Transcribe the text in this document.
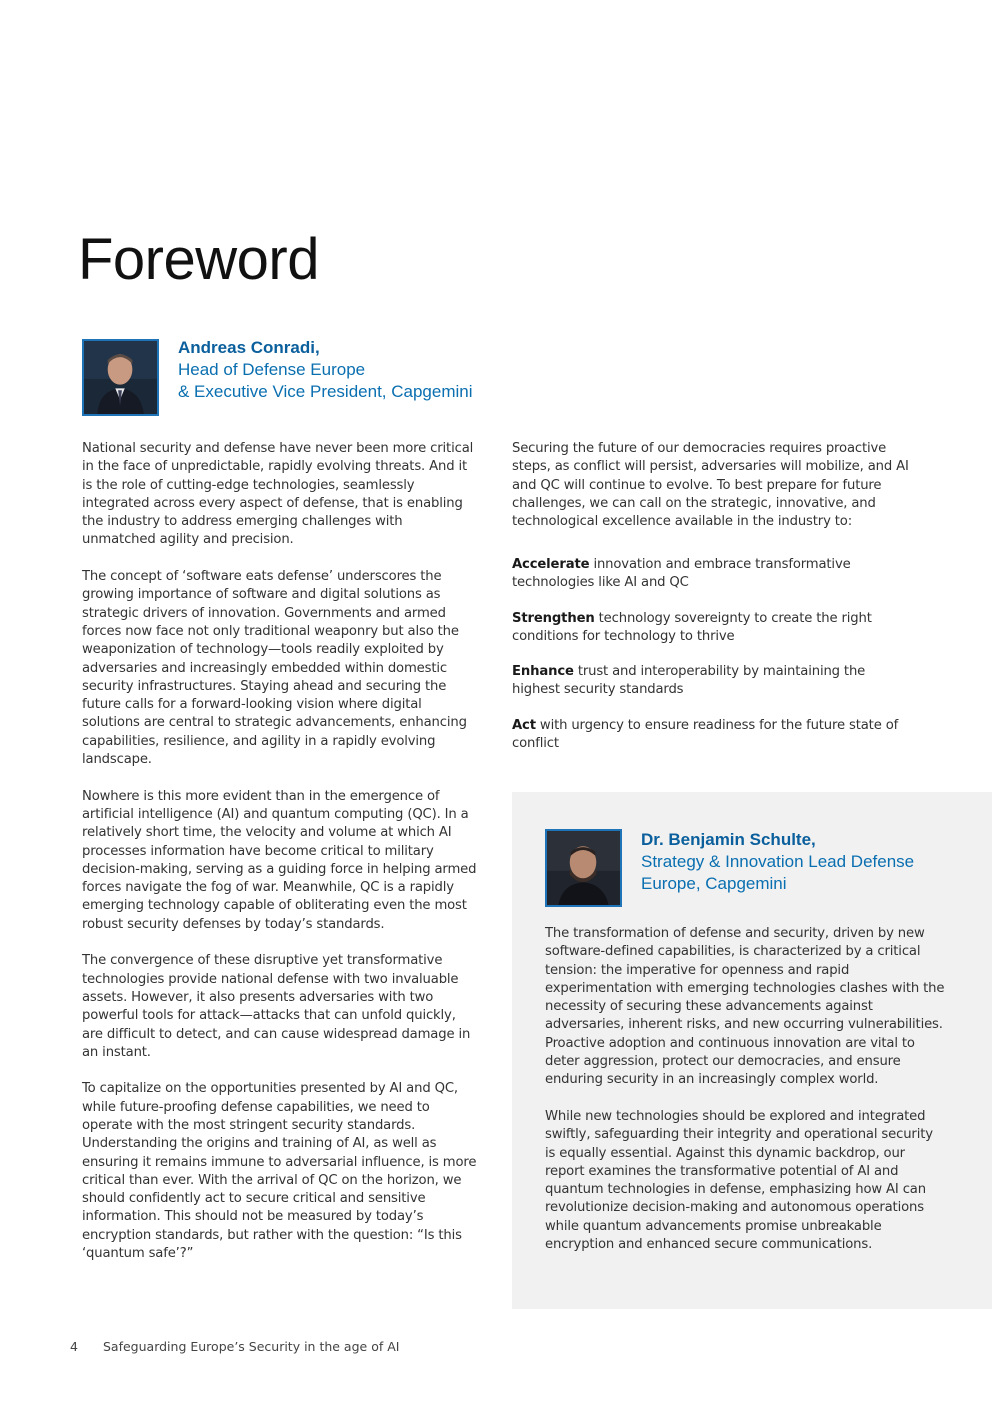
Foreword
Andreas Conradi,
Head of Defense Europe
& Executive Vice President, Capgemini

National security and defense have never been more critical in the face of unpredictable, rapidly evolving threats. And it is the role of cutting-edge technologies, seamlessly integrated across every aspect of defense, that is enabling the industry to address emerging challenges with unmatched agility and precision.

The concept of ‘software eats defense’ underscores the growing importance of software and digital solutions as strategic drivers of innovation. Governments and armed forces now face not only traditional weaponry but also the weaponization of technology—tools readily exploited by adversaries and increasingly embedded within domestic security infrastructures. Staying ahead and securing the future calls for a forward-looking vision where digital solutions are central to strategic advancements, enhancing capabilities, resilience, and agility in a rapidly evolving landscape.

Nowhere is this more evident than in the emergence of artificial intelligence (AI) and quantum computing (QC). In a relatively short time, the velocity and volume at which AI processes information have become critical to military decision-making, serving as a guiding force in helping armed forces navigate the fog of war. Meanwhile, QC is a rapidly emerging technology capable of obliterating even the most robust security defenses by today’s standards.

The convergence of these disruptive yet transformative technologies provide national defense with two invaluable assets. However, it also presents adversaries with two powerful tools for attack—attacks that can unfold quickly, are difficult to detect, and can cause widespread damage in an instant.

To capitalize on the opportunities presented by AI and QC, while future-proofing defense capabilities, we need to operate with the most stringent security standards. Understanding the origins and training of AI, as well as ensuring it remains immune to adversarial influence, is more critical than ever. With the arrival of QC on the horizon, we should confidently act to secure critical and sensitive information. This should not be measured by today’s encryption standards, but rather with the question: “Is this ‘quantum safe’?”

Securing the future of our democracies requires proactive steps, as conflict will persist, adversaries will mobilize, and AI and QC will continue to evolve. To best prepare for future challenges, we can call on the strategic, innovative, and technological excellence available in the industry to:

Accelerate innovation and embrace transformative technologies like AI and QC

Strengthen technology sovereignty to create the right conditions for technology to thrive

Enhance trust and interoperability by maintaining the highest security standards

Act with urgency to ensure readiness for the future state of conflict

Dr. Benjamin Schulte,
Strategy & Innovation Lead Defense
Europe, Capgemini

The transformation of defense and security, driven by new software-defined capabilities, is characterized by a critical tension: the imperative for openness and rapid experimentation with emerging technologies clashes with the necessity of securing these advancements against adversaries, inherent risks, and new occurring vulnerabilities. Proactive adoption and continuous innovation are vital to deter aggression, protect our democracies, and ensure enduring security in an increasingly complex world.

While new technologies should be explored and integrated swiftly, safeguarding their integrity and operational security is equally essential. Against this dynamic backdrop, our report examines the transformative potential of AI and quantum technologies in defense, emphasizing how AI can revolutionize decision-making and autonomous operations while quantum advancements promise unbreakable encryption and enhanced secure communications.

4 Safeguarding Europe’s Security in the age of AI
